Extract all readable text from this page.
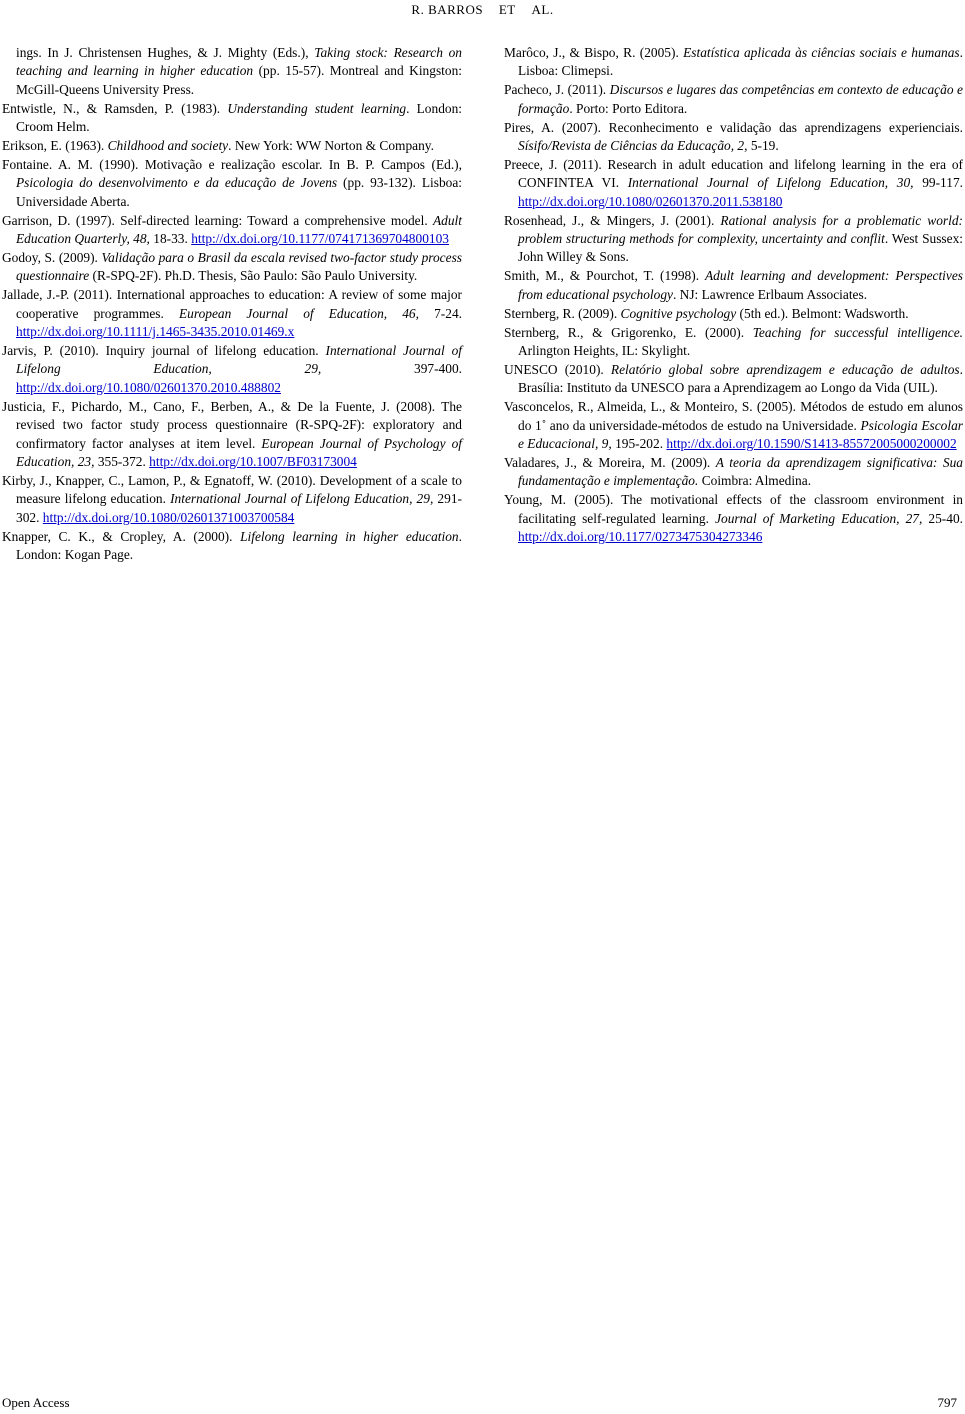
R. BARROS ET AL.

ings. In J. Christensen Hughes, & J. Mighty (Eds.), Taking stock: Research on teaching and learning in higher education (pp. 15-57). Montreal and Kingston: McGill-Queens University Press.

Entwistle, N., & Ramsden, P. (1983). Understanding student learning. London: Croom Helm.

Erikson, E. (1963). Childhood and society. New York: WW Norton & Company.

Fontaine. A. M. (1990). Motivação e realização escolar. In B. P. Campos (Ed.), Psicologia do desenvolvimento e da educação de Jovens (pp. 93-132). Lisboa: Universidade Aberta.

Garrison, D. (1997). Self-directed learning: Toward a comprehensive model. Adult Education Quarterly, 48, 18-33. http://dx.doi.org/10.1177/074171369704800103

Godoy, S. (2009). Validação para o Brasil da escala revised two-factor study process questionnaire (R-SPQ-2F). Ph.D. Thesis, São Paulo: São Paulo University.

Jallade, J.-P. (2011). International approaches to education: A review of some major cooperative programmes. European Journal of Education, 46, 7-24. http://dx.doi.org/10.1111/j.1465-3435.2010.01469.x

Jarvis, P. (2010). Inquiry journal of lifelong education. International Journal of Lifelong Education, 29, 397-400. http://dx.doi.org/10.1080/02601370.2010.488802

Justicia, F., Pichardo, M., Cano, F., Berben, A., & De la Fuente, J. (2008). The revised two factor study process questionnaire (R-SPQ-2F): exploratory and confirmatory factor analyses at item level. European Journal of Psychology of Education, 23, 355-372. http://dx.doi.org/10.1007/BF03173004

Kirby, J., Knapper, C., Lamon, P., & Egnatoff, W. (2010). Development of a scale to measure lifelong education. International Journal of Lifelong Education, 29, 291-302. http://dx.doi.org/10.1080/02601371003700584

Knapper, C. K., & Cropley, A. (2000). Lifelong learning in higher education. London: Kogan Page.

Marôco, J., & Bispo, R. (2005). Estatística aplicada às ciências sociais e humanas. Lisboa: Climepsi.

Pacheco, J. (2011). Discursos e lugares das competências em contexto de educação e formação. Porto: Porto Editora.

Pires, A. (2007). Reconhecimento e validação das aprendizagens experienciais. Sísifo/Revista de Ciências da Educação, 2, 5-19.

Preece, J. (2011). Research in adult education and lifelong learning in the era of CONFINTEA VI. International Journal of Lifelong Education, 30, 99-117. http://dx.doi.org/10.1080/02601370.2011.538180

Rosenhead, J., & Mingers, J. (2001). Rational analysis for a problematic world: problem structuring methods for complexity, uncertainty and conflit. West Sussex: John Willey & Sons.

Smith, M., & Pourchot, T. (1998). Adult learning and development: Perspectives from educational psychology. NJ: Lawrence Erlbaum Associates.

Sternberg, R. (2009). Cognitive psychology (5th ed.). Belmont: Wadsworth.

Sternberg, R., & Grigorenko, E. (2000). Teaching for successful intelligence. Arlington Heights, IL: Skylight.

UNESCO (2010). Relatório global sobre aprendizagem e educação de adultos. Brasília: Instituto da UNESCO para a Aprendizagem ao Longo da Vida (UIL).

Vasconcelos, R., Almeida, L., & Monteiro, S. (2005). Métodos de estudo em alunos do 1˚ ano da universidade-métodos de estudo na Universidade. Psicologia Escolar e Educacional, 9, 195-202. http://dx.doi.org/10.1590/S1413-85572005000200002

Valadares, J., & Moreira, M. (2009). A teoria da aprendizagem significativa: Sua fundamentação e implementação. Coimbra: Almedina.

Young, M. (2005). The motivational effects of the classroom environment in facilitating self-regulated learning. Journal of Marketing Education, 27, 25-40. http://dx.doi.org/10.1177/0273475304273346

Open Access	797
